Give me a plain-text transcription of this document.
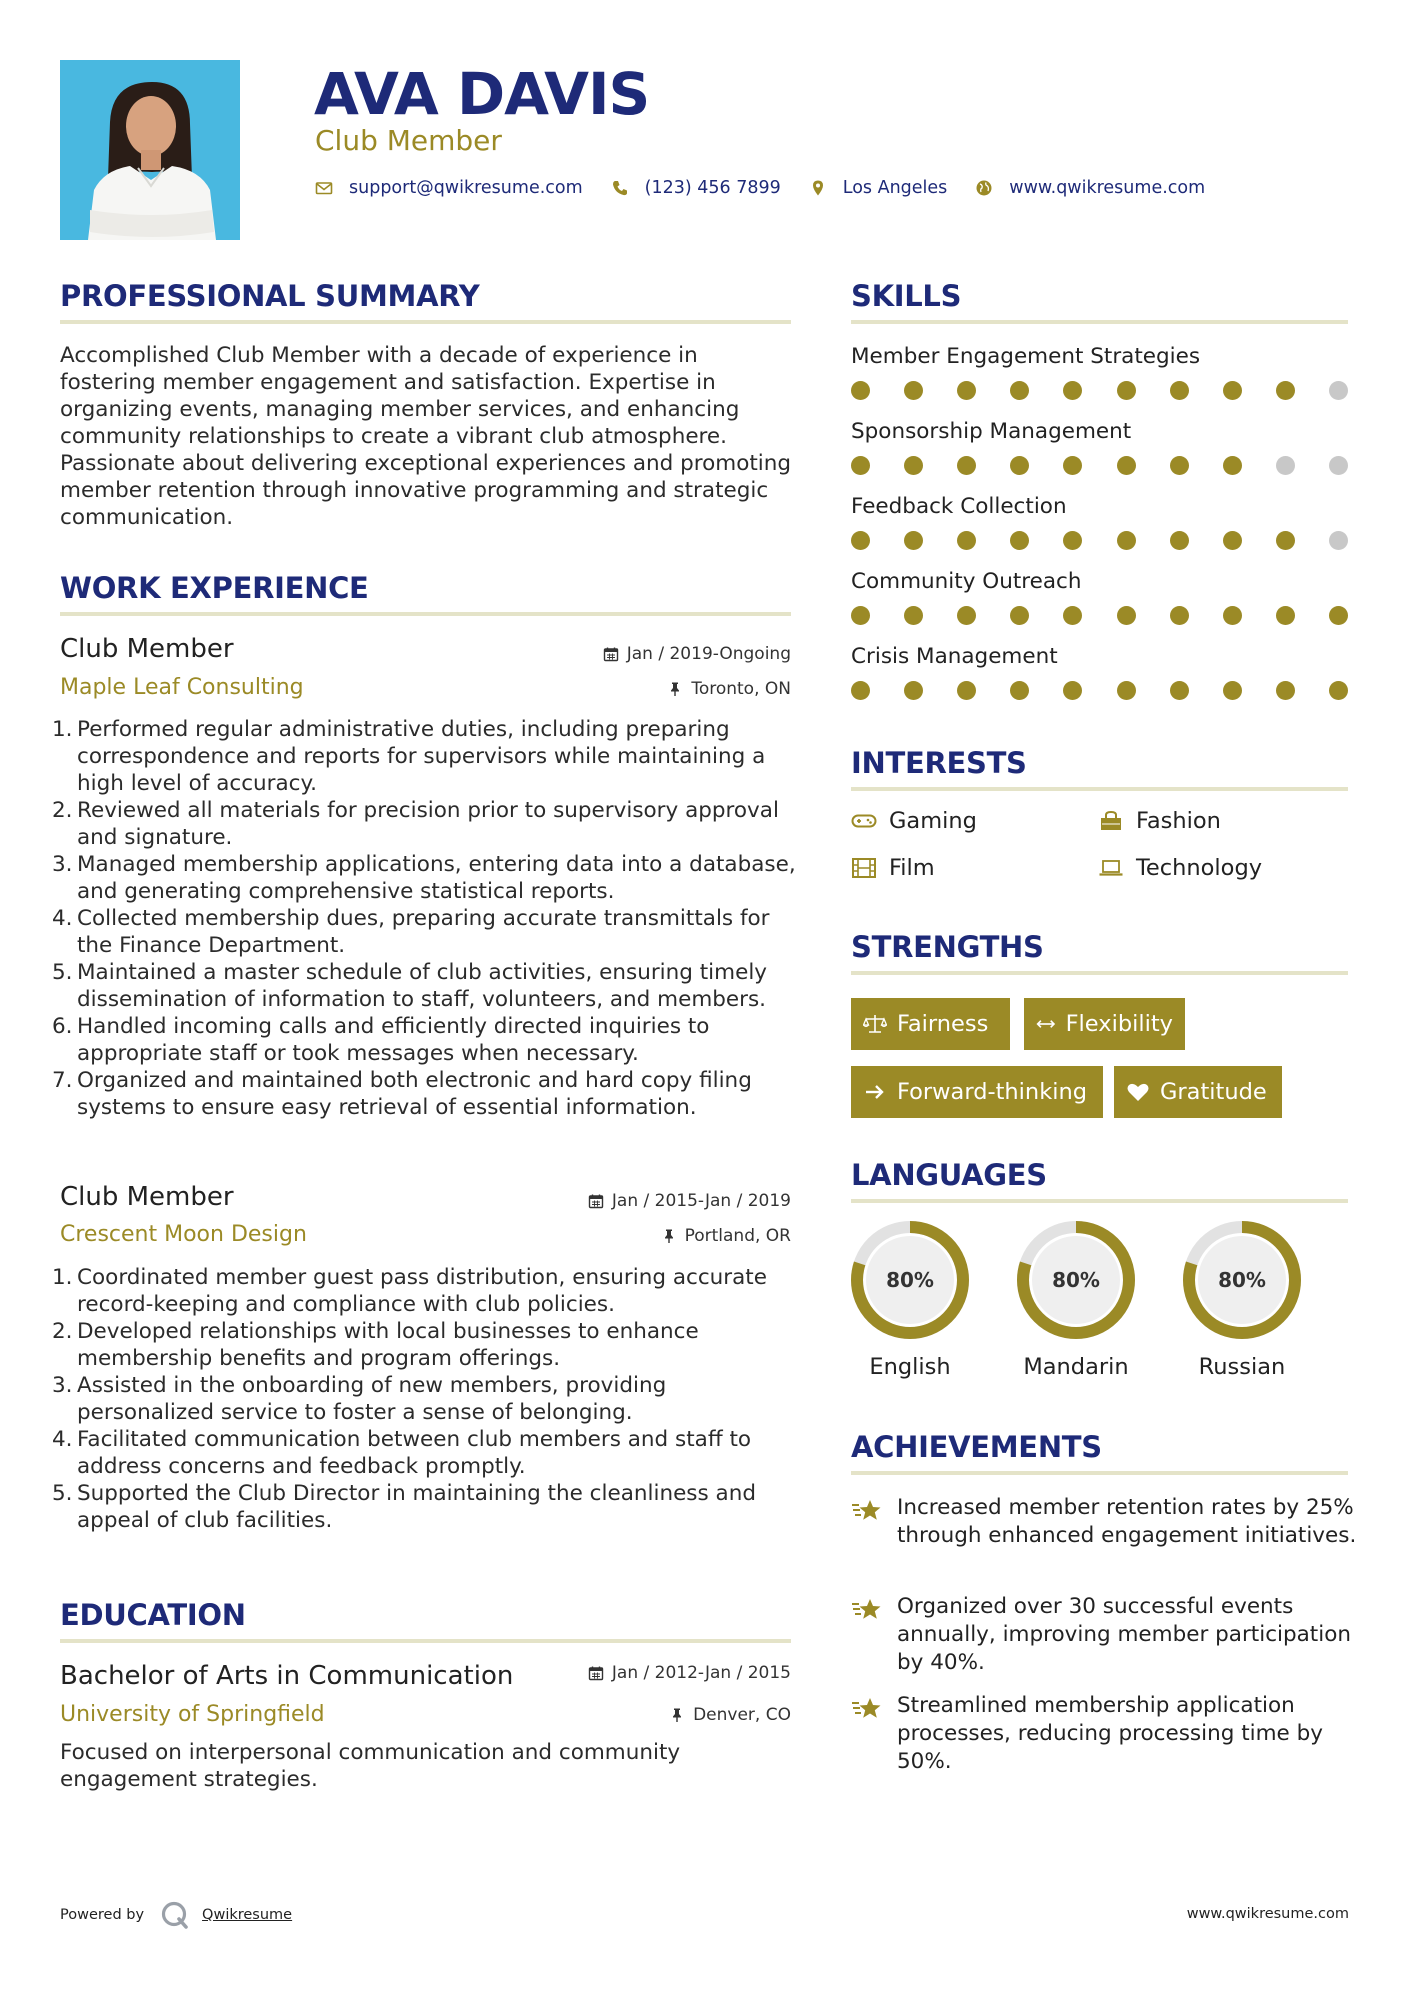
AVA DAVIS
Club Member
support@qwikresume.com	(123) 456 7899	Los Angeles	www.qwikresume.com
PROFESSIONAL SUMMARY
Accomplished Club Member with a decade of experience in fostering member engagement and satisfaction. Expertise in organizing events, managing member services, and enhancing community relationships to create a vibrant club atmosphere. Passionate about delivering exceptional experiences and promoting member retention through innovative programming and strategic communication.
WORK EXPERIENCE
Club Member	Jan / 2019-Ongoing
Maple Leaf Consulting	Toronto, ON
1. Performed regular administrative duties, including preparing correspondence and reports for supervisors while maintaining a high level of accuracy.
2. Reviewed all materials for precision prior to supervisory approval and signature.
3. Managed membership applications, entering data into a database, and generating comprehensive statistical reports.
4. Collected membership dues, preparing accurate transmittals for the Finance Department.
5. Maintained a master schedule of club activities, ensuring timely dissemination of information to staff, volunteers, and members.
6. Handled incoming calls and efficiently directed inquiries to appropriate staff or took messages when necessary.
7. Organized and maintained both electronic and hard copy filing systems to ensure easy retrieval of essential information.
Club Member	Jan / 2015-Jan / 2019
Crescent Moon Design	Portland, OR
1. Coordinated member guest pass distribution, ensuring accurate record-keeping and compliance with club policies.
2. Developed relationships with local businesses to enhance membership benefits and program offerings.
3. Assisted in the onboarding of new members, providing personalized service to foster a sense of belonging.
4. Facilitated communication between club members and staff to address concerns and feedback promptly.
5. Supported the Club Director in maintaining the cleanliness and appeal of club facilities.
EDUCATION
Bachelor of Arts in Communication	Jan / 2012-Jan / 2015
University of Springfield	Denver, CO
Focused on interpersonal communication and community engagement strategies.
SKILLS
Member Engagement Strategies
Sponsorship Management
Feedback Collection
Community Outreach
Crisis Management
INTERESTS
Gaming	Fashion
Film	Technology
STRENGTHS
Fairness	Flexibility
Forward-thinking	Gratitude
LANGUAGES
80%
English
80%
Mandarin
80%
Russian
ACHIEVEMENTS
Increased member retention rates by 25% through enhanced engagement initiatives.
Organized over 30 successful events annually, improving member participation by 40%.
Streamlined membership application processes, reducing processing time by 50%.
Powered by	Qwikresume	www.qwikresume.com
